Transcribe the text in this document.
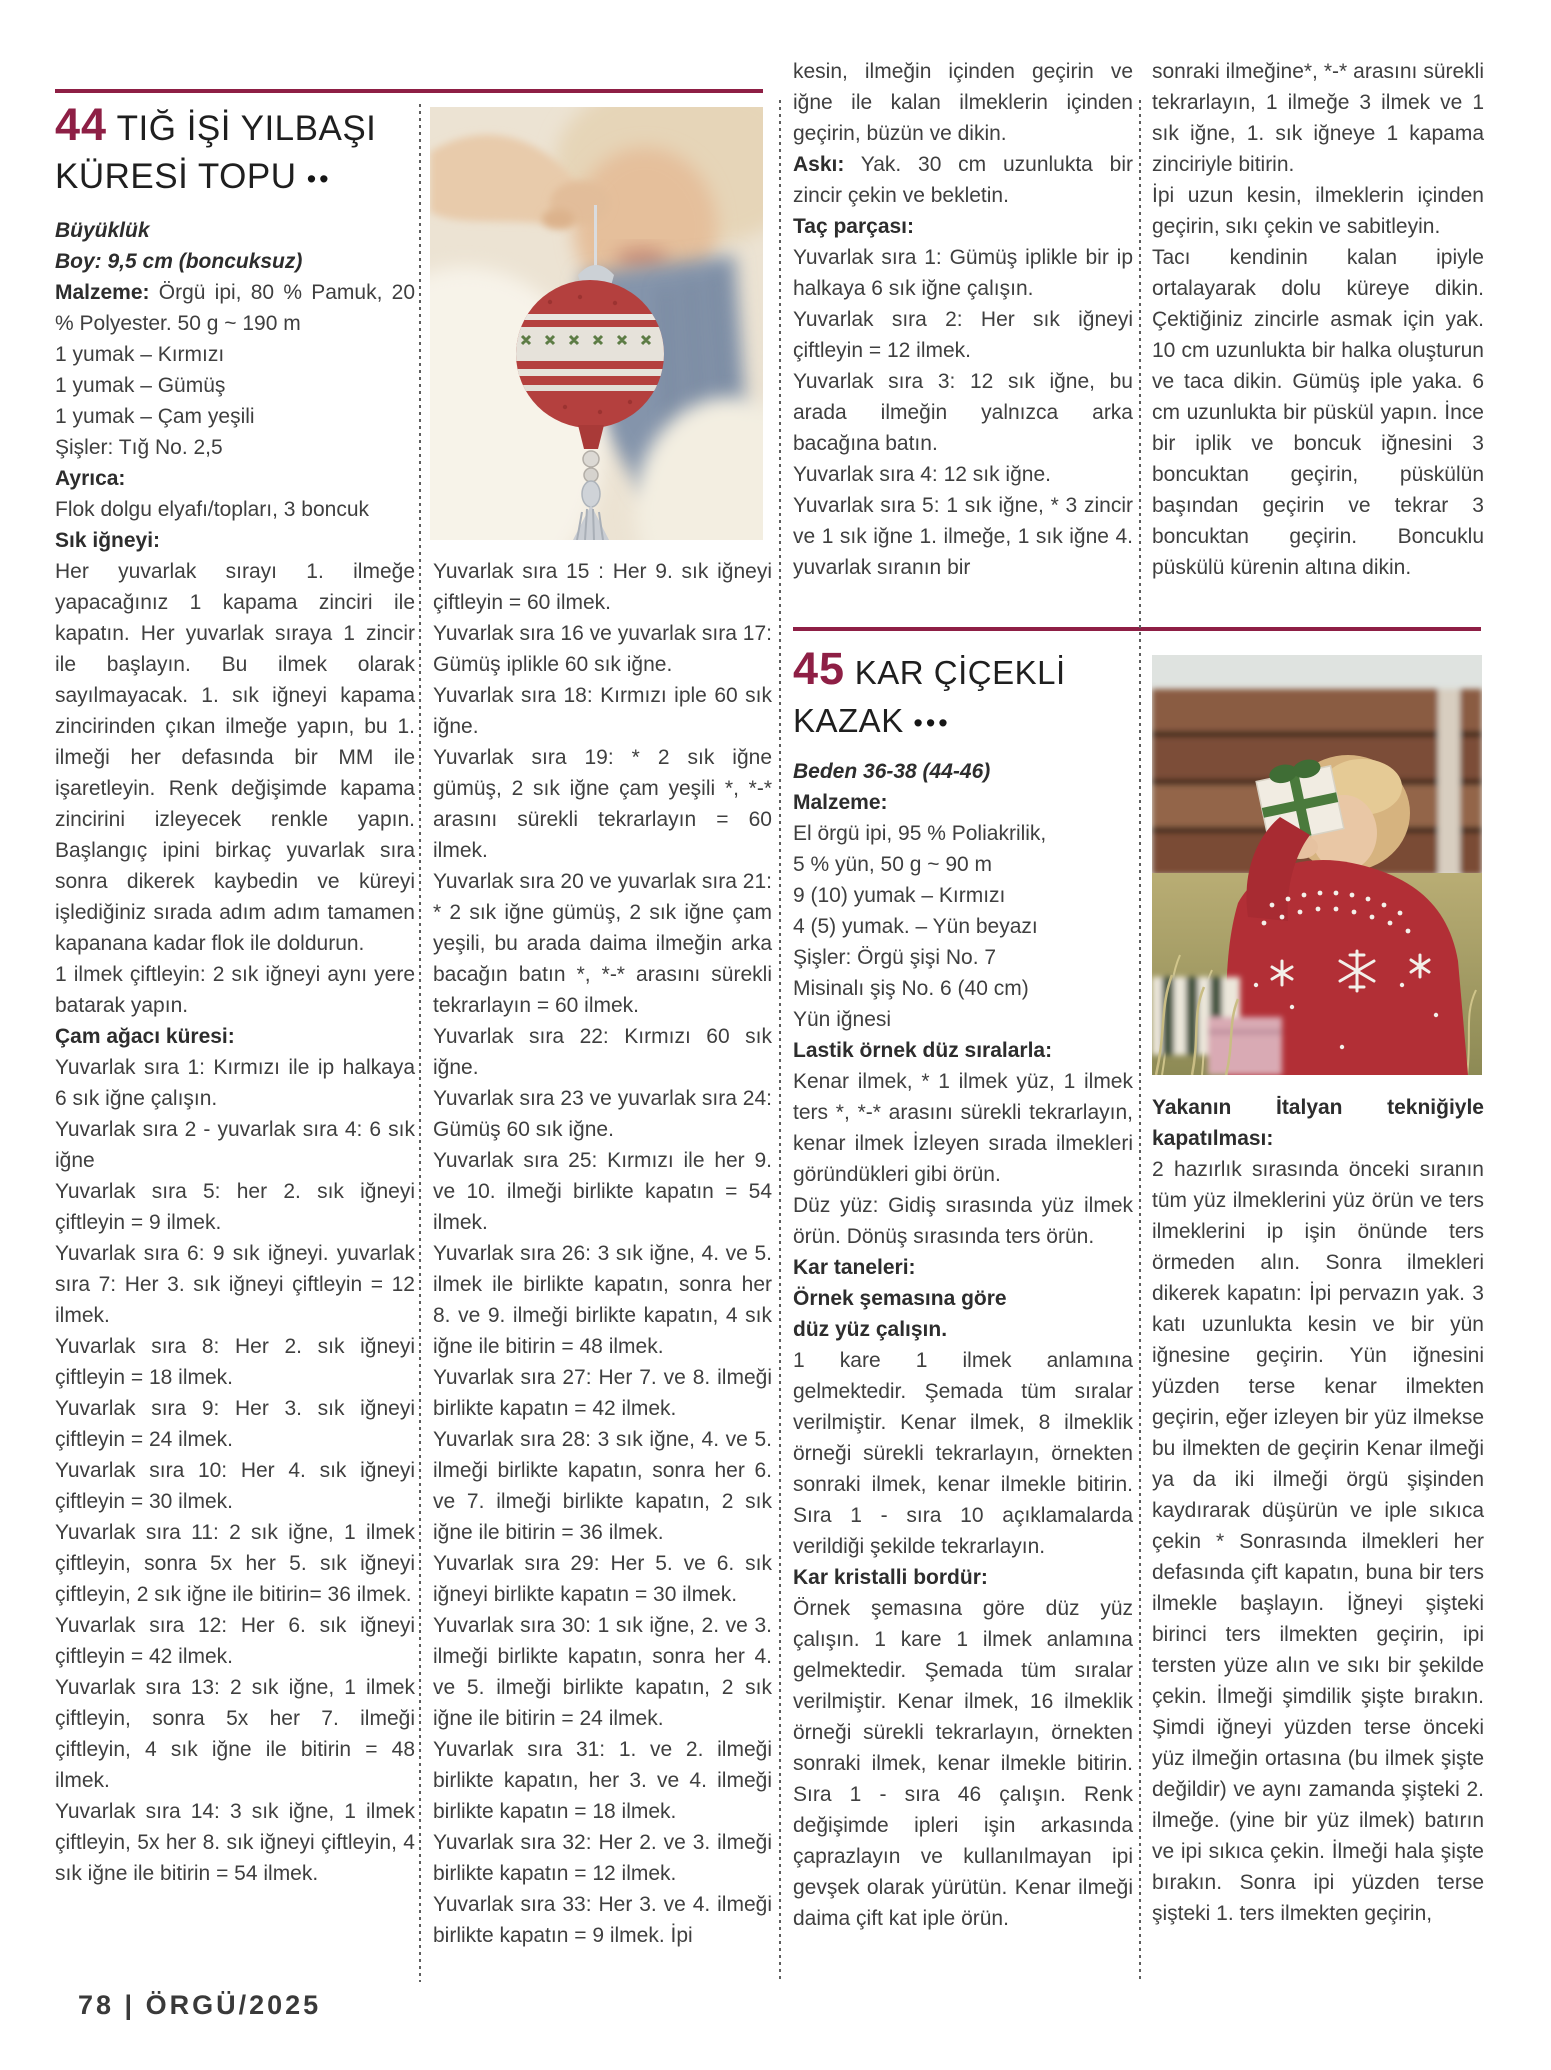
44 TIĞ İŞİ YILBAŞI KÜRESİ TOPU ••

Büyüklük

Boy: 9,5 cm (boncuksuz)

Malzeme: Örgü ipi, 80 % Pamuk, 20 % Polyester. 50 g ~ 190 m

1 yumak – Kırmızı

1 yumak – Gümüş

1 yumak – Çam yeşili

Şişler: Tığ No. 2,5

Ayrıca:

Flok dolgu elyafı/topları, 3 boncuk

Sık iğneyi:

Her yuvarlak sırayı 1. ilmeğe yapacağınız 1 kapama zinciri ile kapatın. Her yuvarlak sıraya 1 zincir ile başlayın. Bu ilmek olarak sayılmayacak. 1. sık iğneyi kapama zincirinden çıkan ilmeğe yapın, bu 1. ilmeği her defasında bir MM ile işaretleyin. Renk değişimde kapama zincirini izleyecek renkle yapın. Başlangıç ipini birkaç yuvarlak sıra sonra dikerek kaybedin ve küreyi işlediğiniz sırada adım adım tamamen kapanana kadar flok ile doldurun.

1 ilmek çiftleyin: 2 sık iğneyi aynı yere batarak yapın.

Çam ağacı küresi:

Yuvarlak sıra 1: Kırmızı ile ip halkaya 6 sık iğne çalışın.

Yuvarlak sıra 2 - yuvarlak sıra 4: 6 sık iğne

Yuvarlak sıra 5: her 2. sık iğneyi çiftleyin = 9 ilmek.

Yuvarlak sıra 6: 9 sık iğneyi. yuvarlak sıra 7: Her 3. sık iğneyi çiftleyin = 12 ilmek.

Yuvarlak sıra 8: Her 2. sık iğneyi çiftleyin = 18 ilmek.

Yuvarlak sıra 9: Her 3. sık iğneyi çiftleyin = 24 ilmek.

Yuvarlak sıra 10: Her 4. sık iğneyi çiftleyin = 30 ilmek.

Yuvarlak sıra 11: 2 sık iğne, 1 ilmek çiftleyin, sonra 5x her 5. sık iğneyi çiftleyin, 2 sık iğne ile bitirin= 36 ilmek.

Yuvarlak sıra 12: Her 6. sık iğneyi çiftleyin = 42 ilmek.

Yuvarlak sıra 13: 2 sık iğne, 1 ilmek çiftleyin, sonra 5x her 7. ilmeği çiftleyin, 4 sık iğne ile bitirin = 48 ilmek.

Yuvarlak sıra 14: 3 sık iğne, 1 ilmek çiftleyin, 5x her 8. sık iğneyi çiftleyin, 4 sık iğne ile bitirin = 54 ilmek.

Yuvarlak sıra 15 : Her 9. sık iğneyi çiftleyin = 60 ilmek.

Yuvarlak sıra 16 ve yuvarlak sıra 17: Gümüş iplikle 60 sık iğne.

Yuvarlak sıra 18: Kırmızı iple 60 sık iğne.

Yuvarlak sıra 19: * 2 sık iğne gümüş, 2 sık iğne çam yeşili *, *-* arasını sürekli tekrarlayın = 60 ilmek.

Yuvarlak sıra 20 ve yuvarlak sıra 21: * 2 sık iğne gümüş, 2 sık iğne çam yeşili, bu arada daima ilmeğin arka bacağın batın *, *-* arasını sürekli tekrarlayın = 60 ilmek.

Yuvarlak sıra 22: Kırmızı 60 sık iğne.

Yuvarlak sıra 23 ve yuvarlak sıra 24: Gümüş 60 sık iğne.

Yuvarlak sıra 25: Kırmızı ile her 9. ve 10. ilmeği birlikte kapatın = 54 ilmek.

Yuvarlak sıra 26: 3 sık iğne, 4. ve 5. ilmek ile birlikte kapatın, sonra her 8. ve 9. ilmeği birlikte kapatın, 4 sık iğne ile bitirin = 48 ilmek.

Yuvarlak sıra 27: Her 7. ve 8. ilmeği birlikte kapatın = 42 ilmek.

Yuvarlak sıra 28: 3 sık iğne, 4. ve 5. ilmeği birlikte kapatın, sonra her 6. ve 7. ilmeği birlikte kapatın, 2 sık iğne ile bitirin = 36 ilmek.

Yuvarlak sıra 29: Her 5. ve 6. sık iğneyi birlikte kapatın = 30 ilmek.

Yuvarlak sıra 30: 1 sık iğne, 2. ve 3. ilmeği birlikte kapatın, sonra her 4. ve 5. ilmeği birlikte kapatın, 2 sık iğne ile bitirin = 24 ilmek.

Yuvarlak sıra 31: 1. ve 2. ilmeği birlikte kapatın, her 3. ve 4. ilmeği birlikte kapatın = 18 ilmek.

Yuvarlak sıra 32: Her 2. ve 3. ilmeği birlikte kapatın = 12 ilmek.

Yuvarlak sıra 33: Her 3. ve 4. ilmeği birlikte kapatın = 9 ilmek. İpi

kesin, ilmeğin içinden geçirin ve iğne ile kalan ilmeklerin içinden geçirin, büzün ve dikin.

Askı: Yak. 30 cm uzunlukta bir zincir çekin ve bekletin.

Taç parçası:

Yuvarlak sıra 1: Gümüş iplikle bir ip halkaya 6 sık iğne çalışın.

Yuvarlak sıra 2: Her sık iğneyi çiftleyin = 12 ilmek.

Yuvarlak sıra 3: 12 sık iğne, bu arada ilmeğin yalnızca arka bacağına batın.

Yuvarlak sıra 4: 12 sık iğne.

Yuvarlak sıra 5: 1 sık iğne, * 3 zincir ve 1 sık iğne 1. ilmeğe, 1 sık iğne 4. yuvarlak sıranın bir

45 KAR ÇİÇEKLİ KAZAK •••

Beden 36-38 (44-46)

Malzeme:

El örgü ipi, 95 % Poliakrilik,

5 % yün, 50 g ~ 90 m

9 (10) yumak – Kırmızı

4 (5) yumak. – Yün beyazı

Şişler: Örgü şişi No. 7

Misinalı şiş No. 6 (40 cm)

Yün iğnesi

Lastik örnek düz sıralarla:

Kenar ilmek, * 1 ilmek yüz, 1 ilmek ters *, *-* arasını sürekli tekrarlayın, kenar ilmek İzleyen sırada ilmekleri göründükleri gibi örün.

Düz yüz: Gidiş sırasında yüz ilmek örün. Dönüş sırasında ters örün.

Kar taneleri:

Örnek şemasına göre

düz yüz çalışın.

1 kare 1 ilmek anlamına gelmektedir. Şemada tüm sıralar verilmiştir. Kenar ilmek, 8 ilmeklik örneği sürekli tekrarlayın, örnekten sonraki ilmek, kenar ilmekle bitirin. Sıra 1 - sıra 10 açıklamalarda verildiği şekilde tekrarlayın.

Kar kristalli bordür:

Örnek şemasına göre düz yüz çalışın. 1 kare 1 ilmek anlamına gelmektedir. Şemada tüm sıralar verilmiştir. Kenar ilmek, 16 ilmeklik örneği sürekli tekrarlayın, örnekten sonraki ilmek, kenar ilmekle bitirin. Sıra 1 - sıra 46 çalışın. Renk değişimde ipleri işin arkasında çaprazlayın ve kullanılmayan ipi gevşek olarak yürütün. Kenar ilmeği daima çift kat iple örün.

sonraki ilmeğine*, *-* arasını sürekli tekrarlayın, 1 ilmeğe 3 ilmek ve 1 sık iğne, 1. sık iğneye 1 kapama zinciriyle bitirin.

İpi uzun kesin, ilmeklerin içinden geçirin, sıkı çekin ve sabitleyin.

Tacı kendinin kalan ipiyle ortalayarak dolu küreye dikin. Çektiğiniz zincirle asmak için yak. 10 cm uzunlukta bir halka oluşturun ve taca dikin. Gümüş iple yaka. 6 cm uzunlukta bir püskül yapın. İnce bir iplik ve boncuk iğnesini 3 boncuktan geçirin, püskülün başından geçirin ve tekrar 3 boncuktan geçirin. Boncuklu püskülü kürenin altına dikin.

Yakanın İtalyan tekniğiyle kapatılması:

2 hazırlık sırasında önceki sıranın tüm yüz ilmeklerini yüz örün ve ters ilmeklerini ip işin önünde ters örmeden alın. Sonra ilmekleri dikerek kapatın: İpi pervazın yak. 3 katı uzunlukta kesin ve bir yün iğnesine geçirin. Yün iğnesini yüzden terse kenar ilmekten geçirin, eğer izleyen bir yüz ilmekse bu ilmekten de geçirin Kenar ilmeği ya da iki ilmeği örgü şişinden kaydırarak düşürün ve iple sıkıca çekin * Sonrasında ilmekleri her defasında çift kapatın, buna bir ters ilmekle başlayın. İğneyi şişteki birinci ters ilmekten geçirin, ipi tersten yüze alın ve sıkı bir şekilde çekin. İlmeği şimdilik şişte bırakın. Şimdi iğneyi yüzden terse önceki yüz ilmeğin ortasına (bu ilmek şişte değildir) ve aynı zamanda şişteki 2. ilmeğe. (yine bir yüz ilmek) batırın ve ipi sıkıca çekin. İlmeği hala şişte bırakın. Sonra ipi yüzden terse şişteki 1. ters ilmekten geçirin,

78 | ÖRGÜ/2025
